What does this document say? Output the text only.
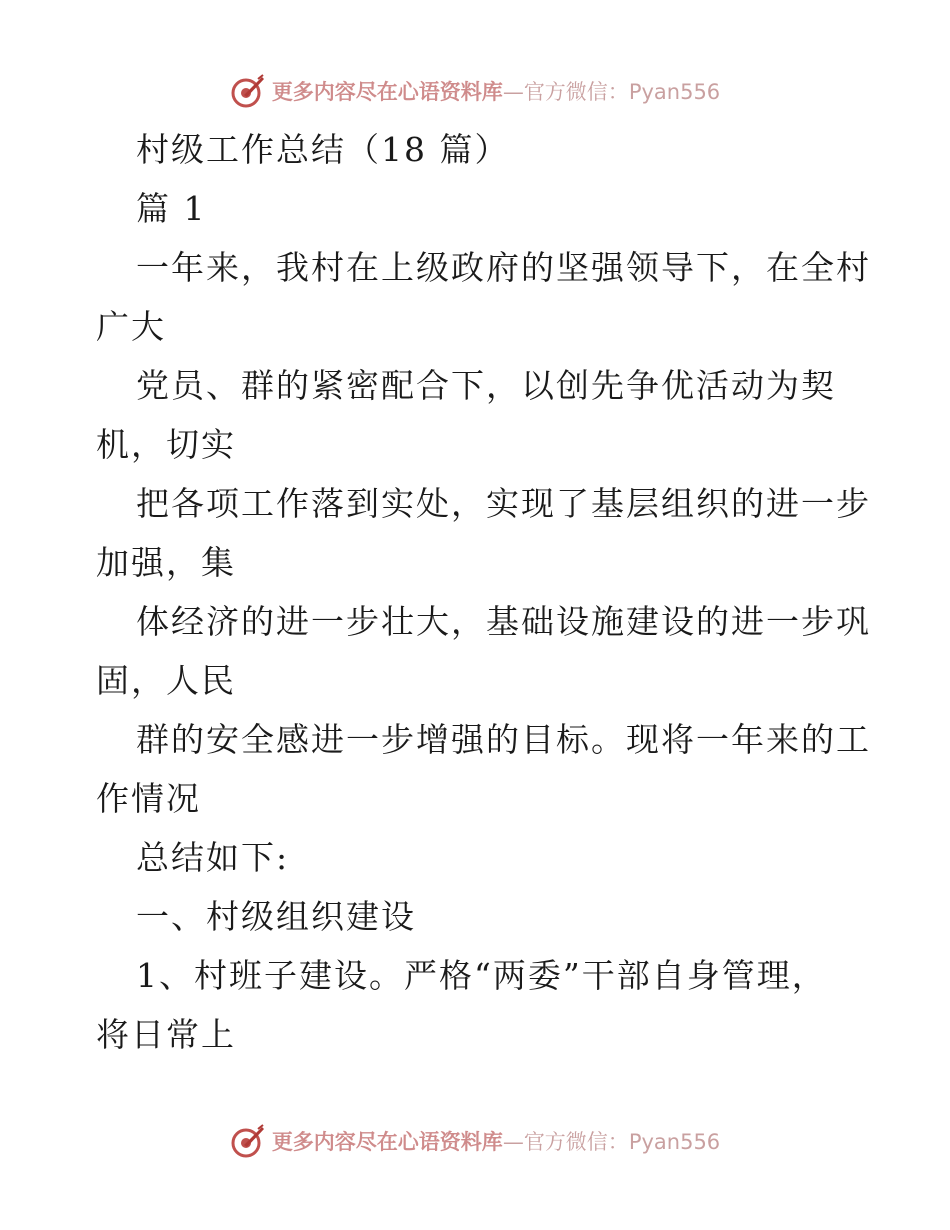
更多内容尽在心语资料库—官方微信：Pyan556
村级工作总结（18 篇）
篇 1
一年来，我村在上级政府的坚强领导下，在全村
广大
党员、群的紧密配合下，以创先争优活动为契
机，切实
把各项工作落到实处，实现了基层组织的进一步
加强，集
体经济的进一步壮大，基础设施建设的进一步巩
固，人民
群的安全感进一步增强的目标。现将一年来的工
作情况
总结如下:
一、村级组织建设
1、村班子建设。严格“两委”干部自身管理，
将日常上
更多内容尽在心语资料库—官方微信：Pyan556
